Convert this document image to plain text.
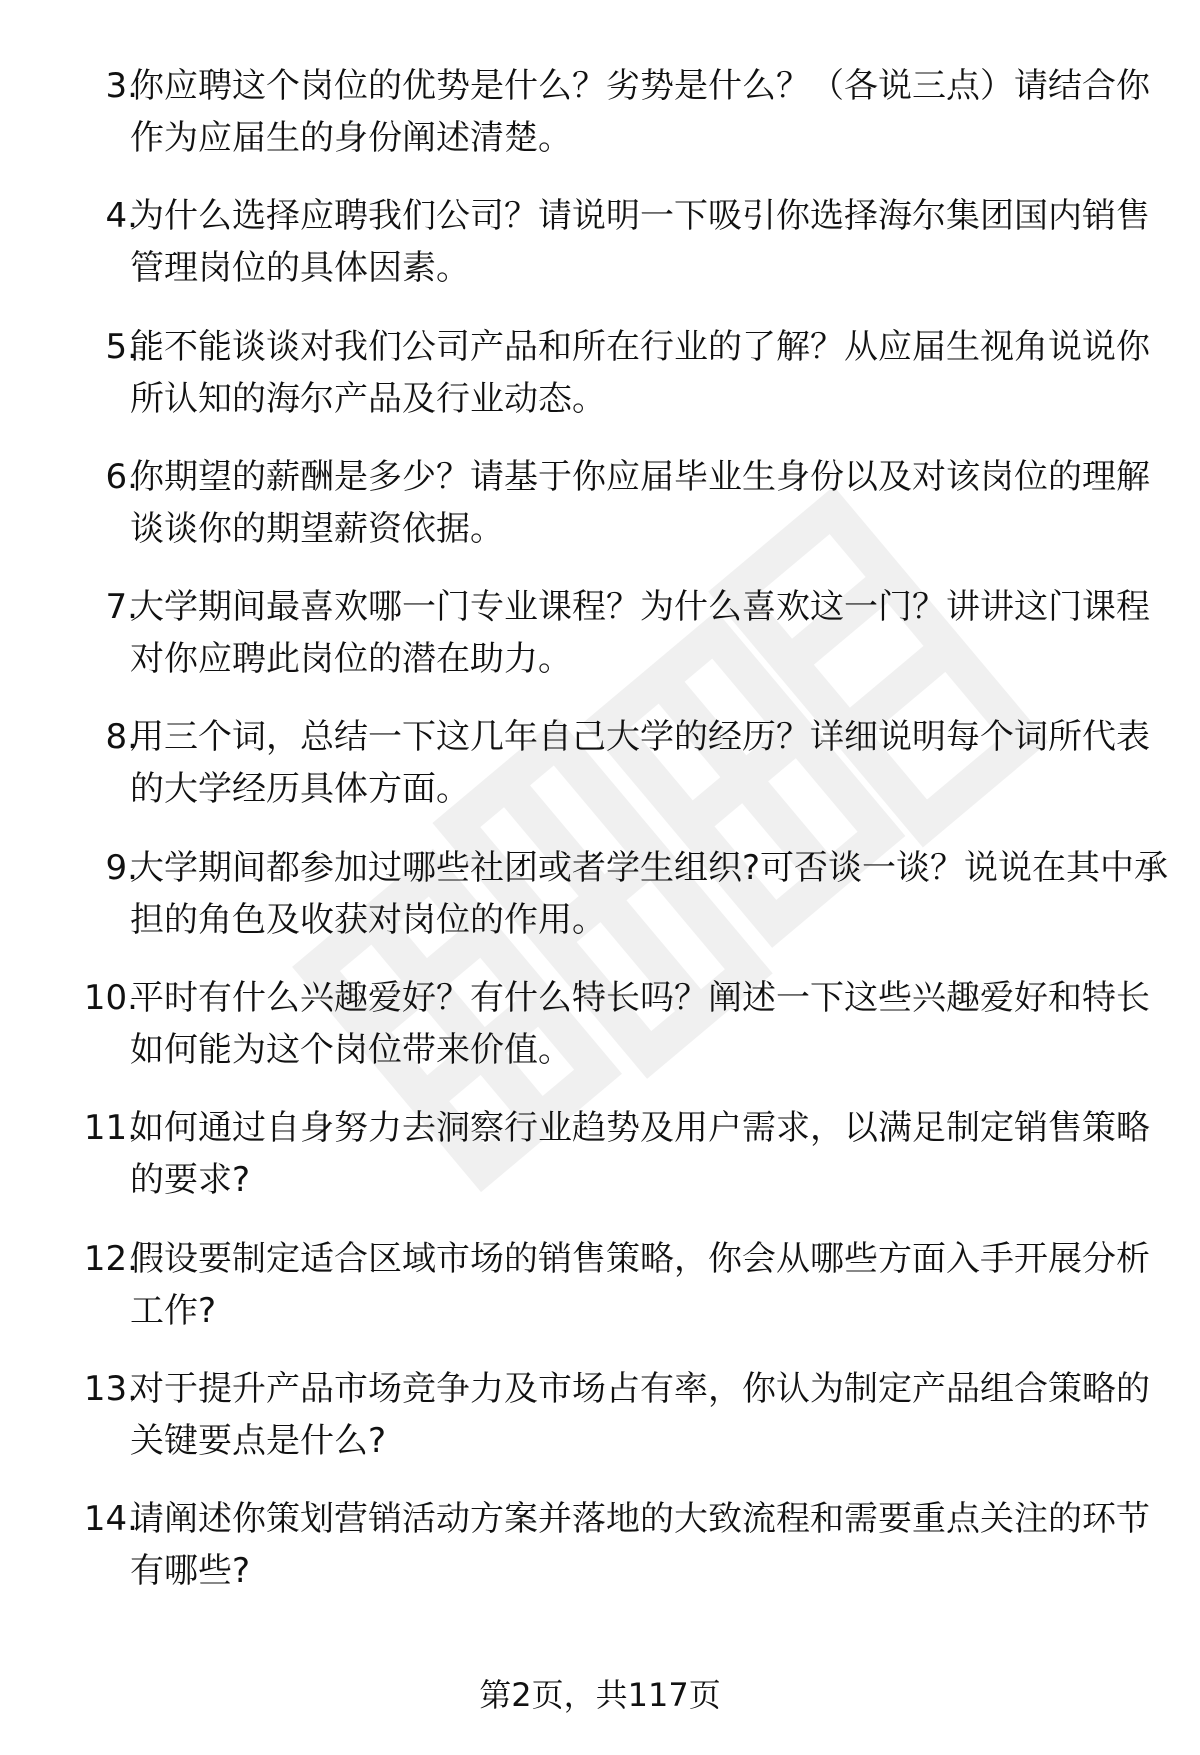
3.
你应聘这个岗位的优势是什么？劣势是什么？（各说三点）请结合你作为应届生的身份阐述清楚。
4.
为什么选择应聘我们公司？请说明一下吸引你选择海尔集团国内销售管理岗位的具体因素。
5.
能不能谈谈对我们公司产品和所在行业的了解？从应届生视角说说你所认知的海尔产品及行业动态。
6.
你期望的薪酬是多少？请基于你应届毕业生身份以及对该岗位的理解谈谈你的期望薪资依据。
7.
大学期间最喜欢哪一门专业课程？为什么喜欢这一门？讲讲这门课程对你应聘此岗位的潜在助力。
8.
用三个词，总结一下这几年自己大学的经历？详细说明每个词所代表的大学经历具体方面。
9.
大学期间都参加过哪些社团或者学生组织?可否谈一谈？说说在其中承担的角色及收获对岗位的作用。
10.
平时有什么兴趣爱好？有什么特长吗？阐述一下这些兴趣爱好和特长如何能为这个岗位带来价值。
11.
如何通过自身努力去洞察行业趋势及用户需求，以满足制定销售策略的要求?
12.
假设要制定适合区域市场的销售策略，你会从哪些方面入手开展分析工作?
13.
对于提升产品市场竞争力及市场占有率，你认为制定产品组合策略的关键要点是什么?
14.
请阐述你策划营销活动方案并落地的大致流程和需要重点关注的环节有哪些?
第2页，共117页
